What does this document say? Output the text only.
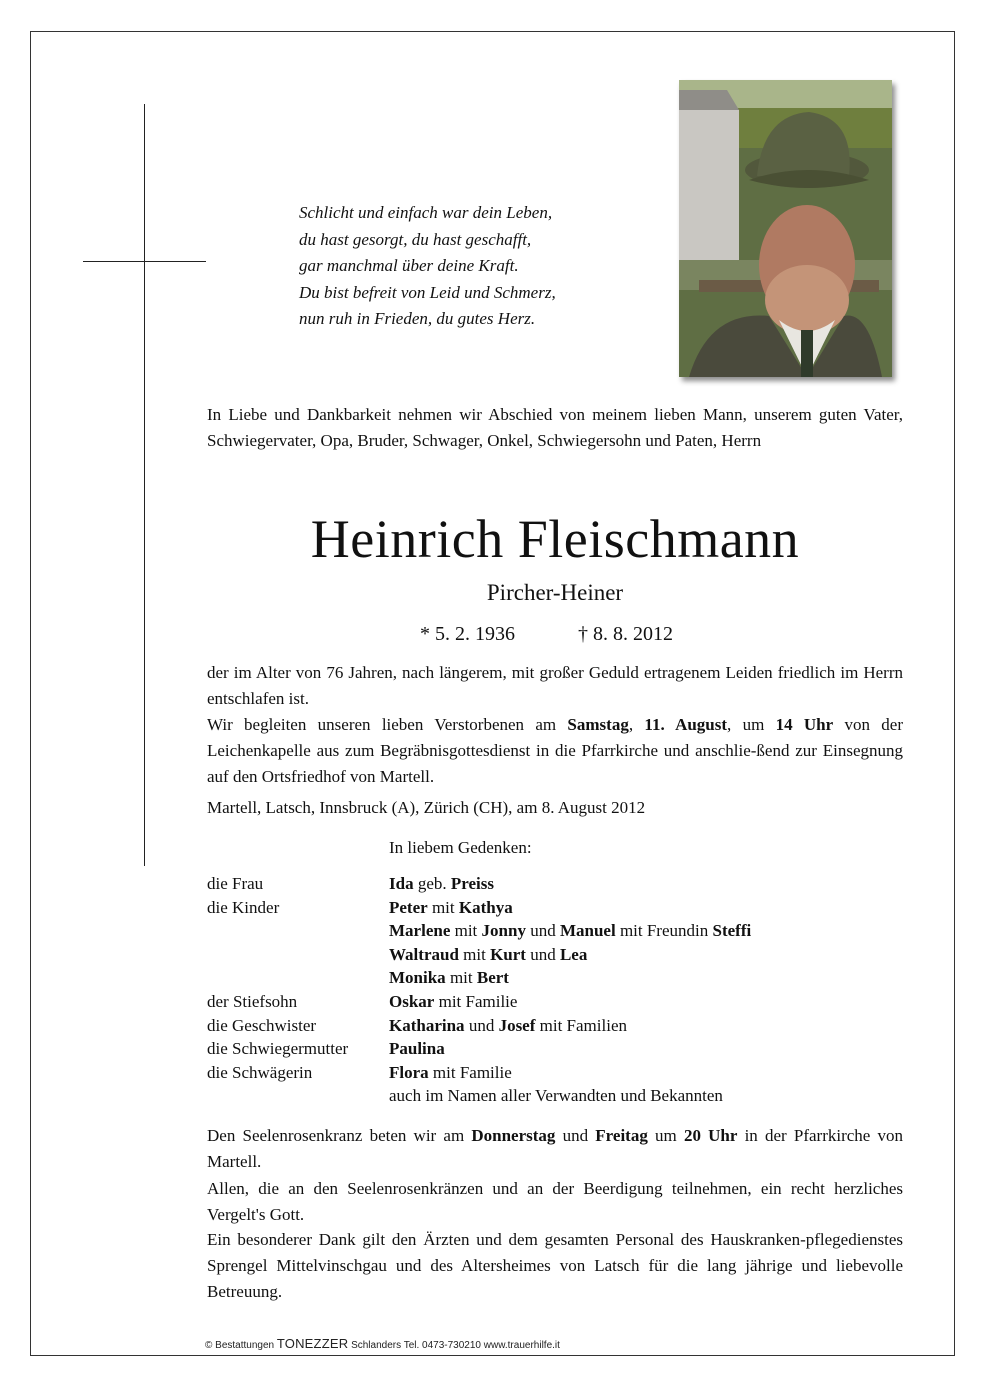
Schlicht und einfach war dein Leben,
du hast gesorgt, du hast geschafft,
gar manchmal über deine Kraft.
Du bist befreit von Leid und Schmerz,
nun ruh in Frieden, du gutes Herz.
In Liebe und Dankbarkeit nehmen wir Abschied von meinem lieben Mann, unserem guten Vater, Schwiegervater, Opa, Bruder, Schwager, Onkel, Schwiegersohn und Paten, Herrn
Heinrich Fleischmann
Pircher-Heiner
* 5. 2. 1936	† 8. 8. 2012
der im Alter von 76 Jahren, nach längerem, mit großer Geduld ertragenem Leiden friedlich im Herrn entschlafen ist.
Wir begleiten unseren lieben Verstorbenen am Samstag, 11. August, um 14 Uhr von der Leichenkapelle aus zum Begräbnisgottesdienst in die Pfarrkirche und anschlie-ßend zur Einsegnung auf den Ortsfriedhof von Martell.
Martell, Latsch, Innsbruck (A), Zürich (CH), am 8. August 2012
In liebem Gedenken:
die Frau	Ida geb. Preiss
die Kinder	Peter mit Kathya
Marlene mit Jonny und Manuel mit Freundin Steffi
Waltraud mit Kurt und Lea
Monika mit Bert
der Stiefsohn	Oskar mit Familie
die Geschwister	Katharina und Josef mit Familien
die Schwiegermutter	Paulina
die Schwägerin	Flora mit Familie
auch im Namen aller Verwandten und Bekannten
Den Seelenrosenkranz beten wir am Donnerstag und Freitag um 20 Uhr in der Pfarrkirche von Martell.
Allen, die an den Seelenrosenkränzen und an der Beerdigung teilnehmen, ein recht herzliches Vergelt's Gott.
Ein besonderer Dank gilt den Ärzten und dem gesamten Personal des Hauskranken-pflegedienstes Sprengel Mittelvinschgau und des Altersheimes von Latsch für die lang jährige und liebevolle Betreuung.
© Bestattungen TONEZZER Schlanders Tel. 0473-730210 www.trauerhilfe.it
